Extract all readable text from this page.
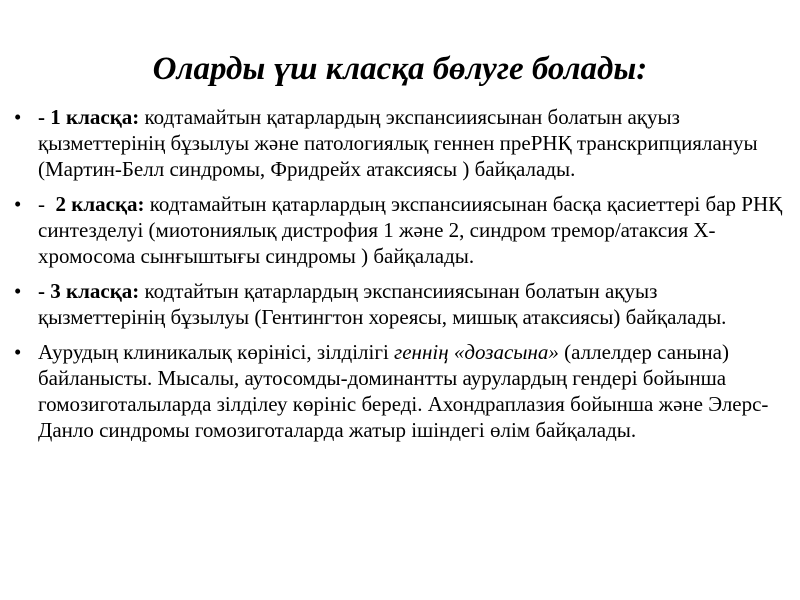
Оларды үш класқа бөлуге болады:
• - 1 класқа: кодтамайтын қатарлардың экспансииясынан болатын ақуыз қызметтерінің бұзылуы және патологиялық геннен преРНҚ транскрипциялануы (Мартин-Белл синдромы, Фридрейх атаксиясы ) байқалады.
• -  2 класқа: кодтамайтын қатарлардың экспансииясынан басқа қасиеттері бар РНҚ синтезделуі (миотониялық дистрофия 1 және 2, синдром тремор/атаксия X-хромосома сынғыштығы синдромы ) байқалады.
• - 3 класқа: кодтайтын қатарлардың экспансииясынан болатын ақуыз қызметтерінің бұзылуы (Гентингтон хореясы, мишық атаксиясы) байқалады.
• Аурудың клиникалық көрінісі, зілділігі геннің «дозасына» (аллелдер санына) байланысты. Мысалы, аутосомды-доминантты аурулардың гендері бойынша гомозиготалыларда зілділеу көрініс береді. Ахондраплазия бойынша және Элерс-Данло синдромы гомозиготаларда жатыр ішіндегі өлім байқалады.
